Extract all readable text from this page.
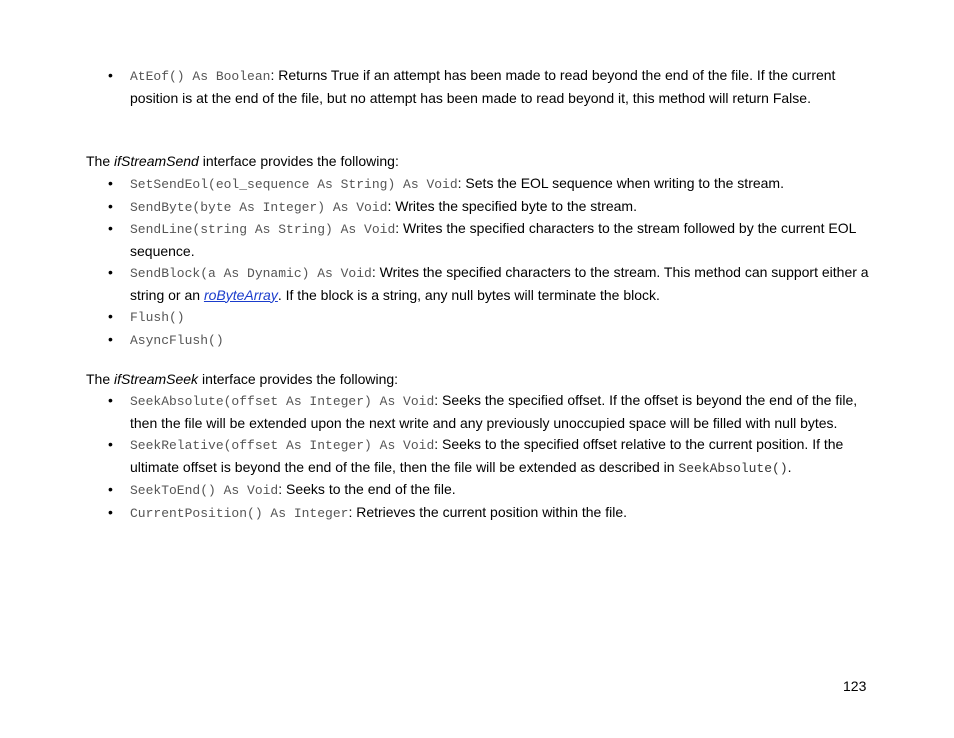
• AtEof() As Boolean: Returns True if an attempt has been made to read beyond the end of the file. If the current position is at the end of the file, but no attempt has been made to read beyond it, this method will return False.
The ifStreamSend interface provides the following:
• SetSendEol(eol_sequence As String) As Void: Sets the EOL sequence when writing to the stream.
• SendByte(byte As Integer) As Void: Writes the specified byte to the stream.
• SendLine(string As String) As Void: Writes the specified characters to the stream followed by the current EOL sequence.
• SendBlock(a As Dynamic) As Void: Writes the specified characters to the stream. This method can support either a string or an roByteArray. If the block is a string, any null bytes will terminate the block.
• Flush()
• AsyncFlush()
The ifStreamSeek interface provides the following:
• SeekAbsolute(offset As Integer) As Void: Seeks the specified offset. If the offset is beyond the end of the file, then the file will be extended upon the next write and any previously unoccupied space will be filled with null bytes.
• SeekRelative(offset As Integer) As Void: Seeks to the specified offset relative to the current position. If the ultimate offset is beyond the end of the file, then the file will be extended as described in SeekAbsolute().
• SeekToEnd() As Void: Seeks to the end of the file.
• CurrentPosition() As Integer: Retrieves the current position within the file.
123
